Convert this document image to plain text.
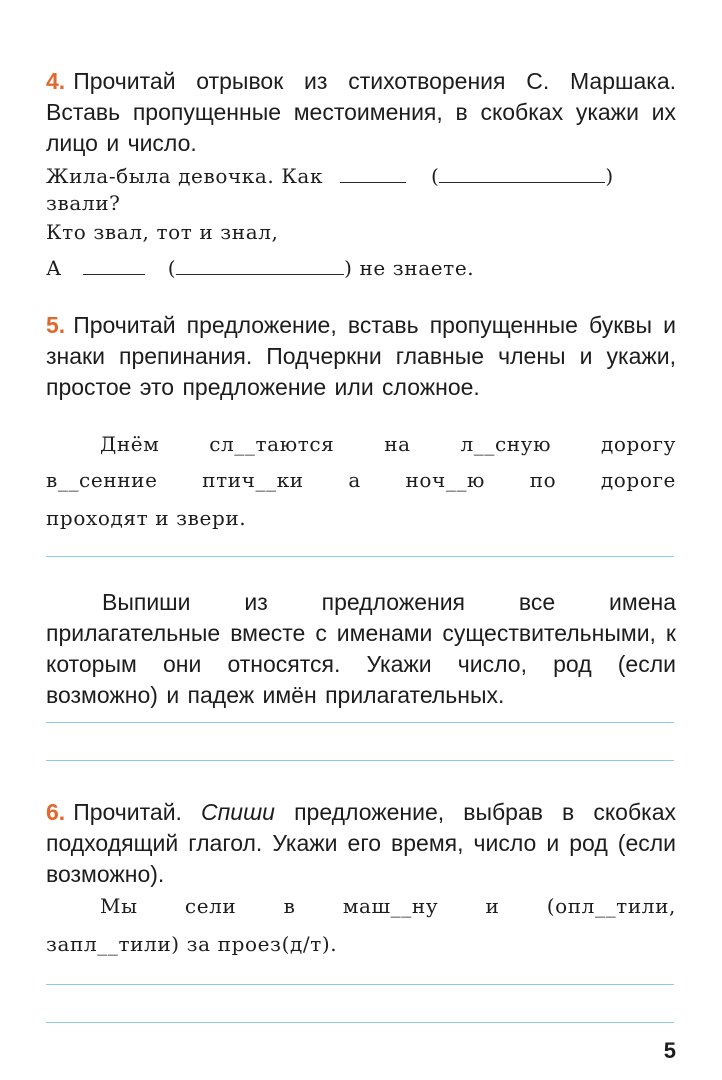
4. Прочитай отрывок из стихотворения С. Маршака. Вставь пропущенные местоимения, в скобках укажи их лицо и число.
Жила-была девочка. Как	(	)
звали?
Кто звал, тот и знал,
А	(	) не знаете.
5. Прочитай предложение, вставь пропущенные буквы и знаки препинания. Подчеркни главные члены и укажи, простое это предложение или сложное.
Днём сл__таются на л__сную дорогу
в__сенние птич__ки а ноч__ю по дороге
проходят и звери.
Выпиши из предложения все имена прилагательные вместе с именами существительными, к которым они относятся. Укажи число, род (если возможно) и падеж имён прилагательных.
6. Прочитай. Спиши предложение, выбрав в скобках подходящий глагол. Укажи его время, число и род (если возможно).
Мы сели в маш__ну и (опл__тили,
запл__тили) за проез(д/т).
5
